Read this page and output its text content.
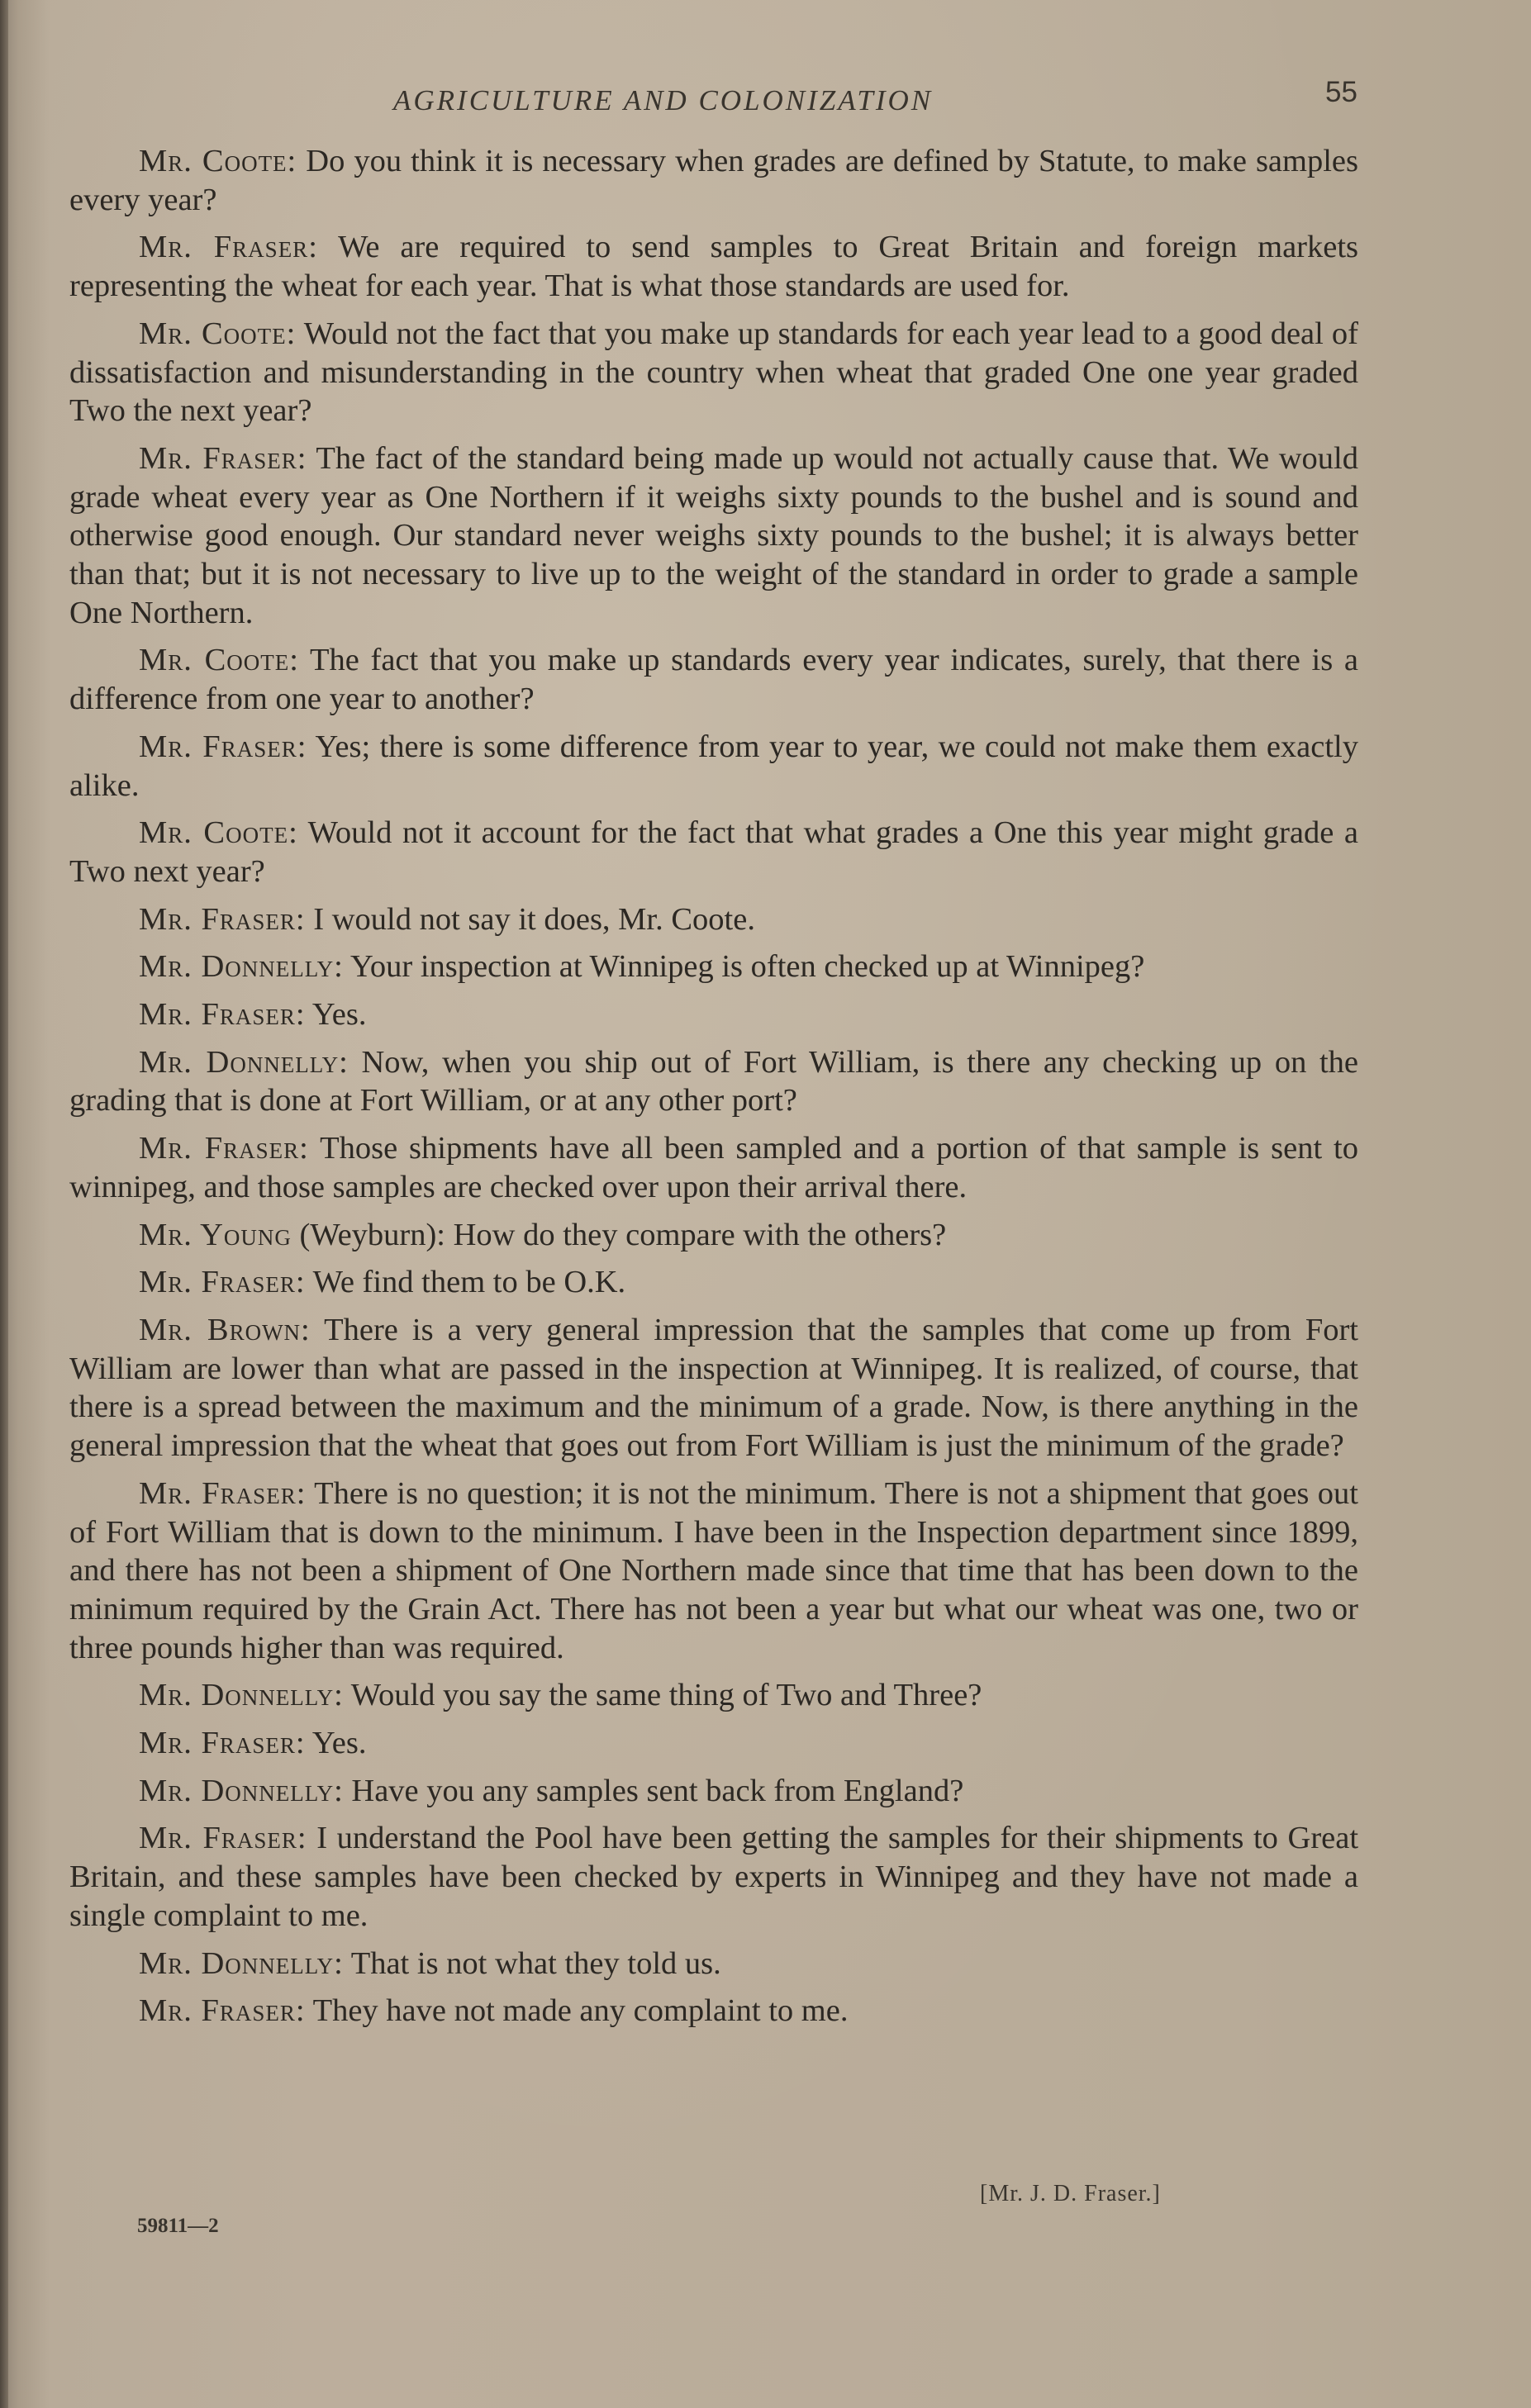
AGRICULTURE AND COLONIZATION	55

Mr. Coote: Do you think it is necessary when grades are defined by Statute, to make samples every year?

Mr. Fraser: We are required to send samples to Great Britain and foreign markets representing the wheat for each year. That is what those standards are used for.

Mr. Coote: Would not the fact that you make up standards for each year lead to a good deal of dissatisfaction and misunderstanding in the country when wheat that graded One one year graded Two the next year?

Mr. Fraser: The fact of the standard being made up would not actually cause that. We would grade wheat every year as One Northern if it weighs sixty pounds to the bushel and is sound and otherwise good enough. Our standard never weighs sixty pounds to the bushel; it is always better than that; but it is not necessary to live up to the weight of the standard in order to grade a sample One Northern.

Mr. Coote: The fact that you make up standards every year indicates, surely, that there is a difference from one year to another?

Mr. Fraser: Yes; there is some difference from year to year, we could not make them exactly alike.

Mr. Coote: Would not it account for the fact that what grades a One this year might grade a Two next year?

Mr. Fraser: I would not say it does, Mr. Coote.

Mr. Donnelly: Your inspection at Winnipeg is often checked up at Winnipeg?

Mr. Fraser: Yes.

Mr. Donnelly: Now, when you ship out of Fort William, is there any checking up on the grading that is done at Fort William, or at any other port?

Mr. Fraser: Those shipments have all been sampled and a portion of that sample is sent to winnipeg, and those samples are checked over upon their arrival there.

Mr. Young (Weyburn): How do they compare with the others?

Mr. Fraser: We find them to be O.K.

Mr. Brown: There is a very general impression that the samples that come up from Fort William are lower than what are passed in the inspection at Winnipeg. It is realized, of course, that there is a spread between the maximum and the minimum of a grade. Now, is there anything in the general impression that the wheat that goes out from Fort William is just the minimum of the grade?

Mr. Fraser: There is no question; it is not the minimum. There is not a shipment that goes out of Fort William that is down to the minimum. I have been in the Inspection department since 1899, and there has not been a shipment of One Northern made since that time that has been down to the minimum required by the Grain Act. There has not been a year but what our wheat was one, two or three pounds higher than was required.

Mr. Donnelly: Would you say the same thing of Two and Three?

Mr. Fraser: Yes.

Mr. Donnelly: Have you any samples sent back from England?

Mr. Fraser: I understand the Pool have been getting the samples for their shipments to Great Britain, and these samples have been checked by experts in Winnipeg and they have not made a single complaint to me.

Mr. Donnelly: That is not what they told us.

Mr. Fraser: They have not made any complaint to me.

[Mr. J. D. Fraser.]
59811—2
